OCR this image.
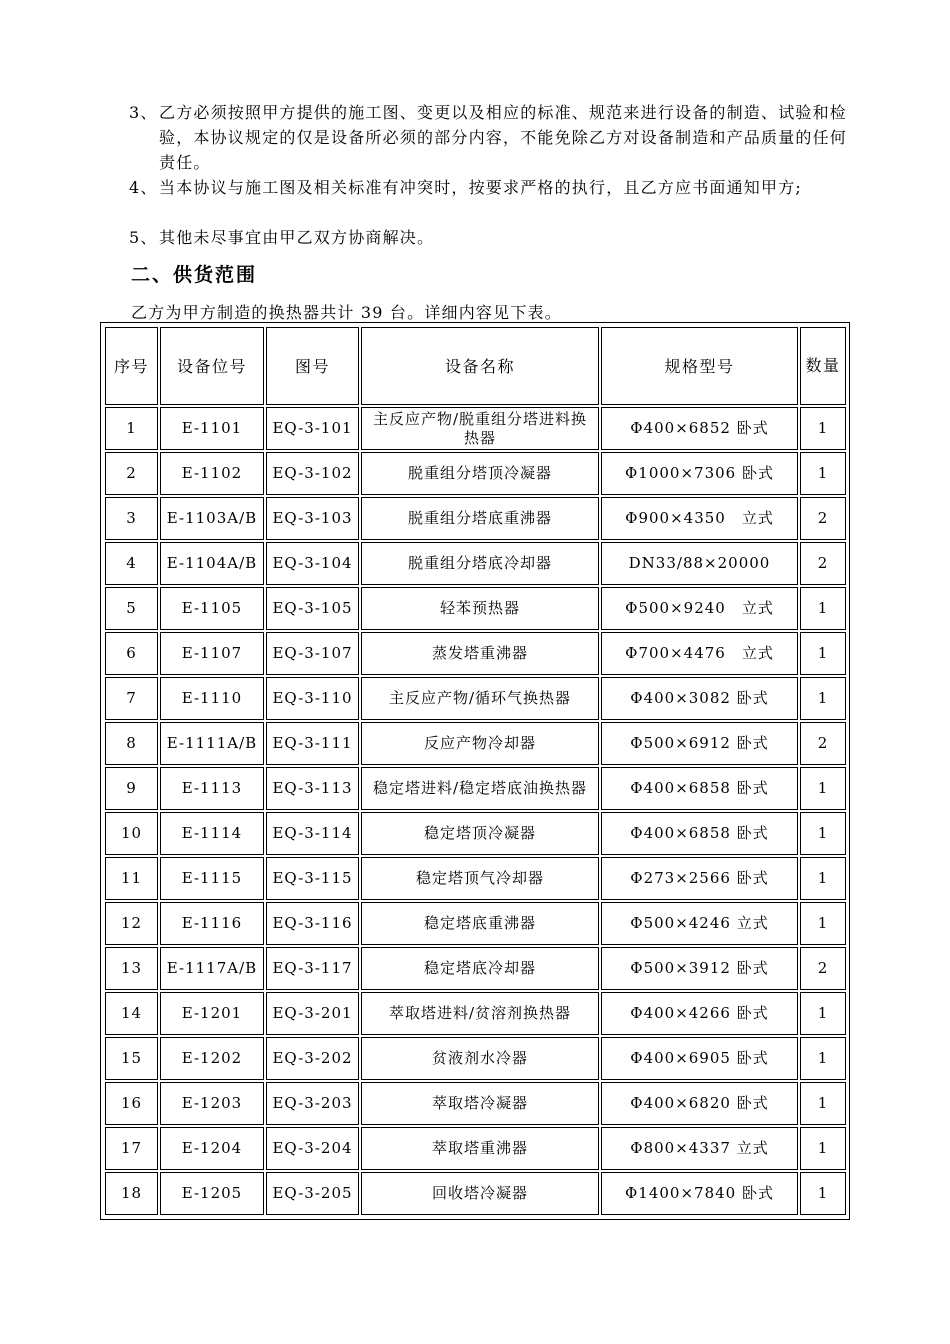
3、 乙方必须按照甲方提供的施工图、变更以及相应的标准、规范来进行设备的制造、试验和检验，本协议规定的仅是设备所必须的部分内容，不能免除乙方对设备制造和产品质量的任何责任。
4、 当本协议与施工图及相关标准有冲突时，按要求严格的执行，且乙方应书面通知甲方;
5、 其他未尽事宜由甲乙双方协商解决。
二、供货范围
乙方为甲方制造的换热器共计 39 台。详细内容见下表。
序号	设备位号	图号	设备名称	规格型号	数量
1	E-1101	EQ-3-101	主反应产物/脱重组分塔进料换热器	Φ400×6852 卧式	1
2	E-1102	EQ-3-102	脱重组分塔顶冷凝器	Φ1000×7306 卧式	1
3	E-1103A/B	EQ-3-103	脱重组分塔底重沸器	Φ900×4350　立式	2
4	E-1104A/B	EQ-3-104	脱重组分塔底冷却器	DN33/88×20000	2
5	E-1105	EQ-3-105	轻苯预热器	Φ500×9240　立式	1
6	E-1107	EQ-3-107	蒸发塔重沸器	Φ700×4476　立式	1
7	E-1110	EQ-3-110	主反应产物/循环气换热器	Φ400×3082 卧式	1
8	E-1111A/B	EQ-3-111	反应产物冷却器	Φ500×6912 卧式	2
9	E-1113	EQ-3-113	稳定塔进料/稳定塔底油换热器	Φ400×6858 卧式	1
10	E-1114	EQ-3-114	稳定塔顶冷凝器	Φ400×6858 卧式	1
11	E-1115	EQ-3-115	稳定塔顶气冷却器	Φ273×2566 卧式	1
12	E-1116	EQ-3-116	稳定塔底重沸器	Φ500×4246 立式	1
13	E-1117A/B	EQ-3-117	稳定塔底冷却器	Φ500×3912 卧式	2
14	E-1201	EQ-3-201	萃取塔进料/贫溶剂换热器	Φ400×4266 卧式	1
15	E-1202	EQ-3-202	贫液剂水冷器	Φ400×6905 卧式	1
16	E-1203	EQ-3-203	萃取塔冷凝器	Φ400×6820 卧式	1
17	E-1204	EQ-3-204	萃取塔重沸器	Φ800×4337 立式	1
18	E-1205	EQ-3-205	回收塔冷凝器	Φ1400×7840 卧式	1
